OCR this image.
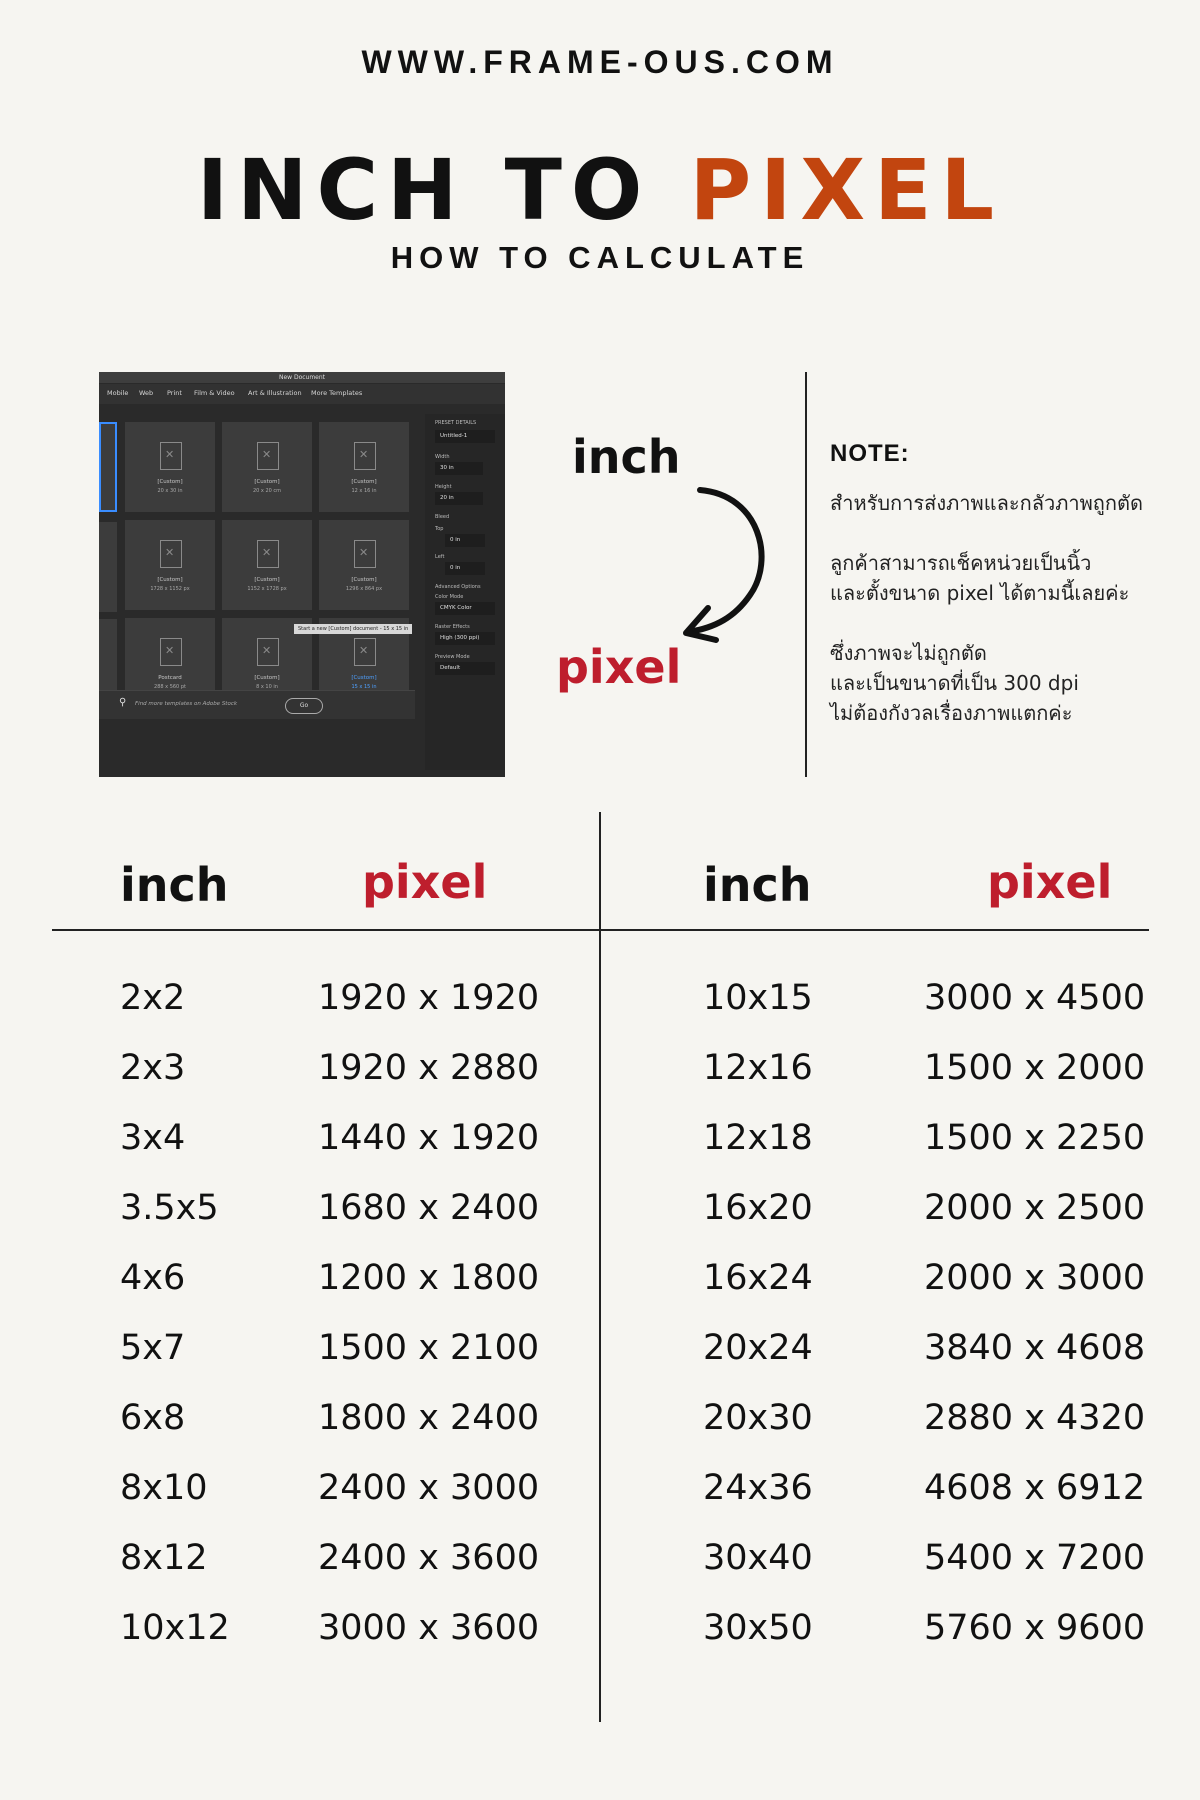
WWW.FRAME-OUS.COM
INCH TO PIXEL
HOW TO CALCULATE
New Document
Mobile Web Print Film & Video Art & Illustration More Templates
✕
[Custom]
20 x 30 in
✕
[Custom]
20 x 20 cm
✕
[Custom]
12 x 16 in
✕
[Custom]
1728 x 1152 px
✕
[Custom]
1152 x 1728 px
✕
[Custom]
1296 x 864 px
✕
Postcard
288 x 560 pt
✕
[Custom]
8 x 10 in
✕
[Custom]
15 x 15 in
Start a new [Custom] document - 15 x 15 in
⚲ Find more templates on Adobe Stock	Go
PRESET DETAILS
Untitled-1
Width
30 in
Height
20 in
Bleed
Top
0 in
Left
0 in
Advanced Options
Color Mode
CMYK Color
Raster Effects
High (300 ppi)
Preview Mode
Default
inch
pixel
NOTE:
สำหรับการส่งภาพและกลัวภาพถูกตัด
ลูกค้าสามารถเช็คหน่วยเป็นนิ้ว
และตั้งขนาด pixel ได้ตามนี้เลยค่ะ
ซึ่งภาพจะไม่ถูกตัด
และเป็นขนาดที่เป็น 300 dpi
ไม่ต้องกังวลเรื่องภาพแตกค่ะ
inch	pixel	inch	pixel
2x2	1920 x 1920
2x3	1920 x 2880
3x4	1440 x 1920
3.5x5	1680 x 2400
4x6	1200 x 1800
5x7	1500 x 2100
6x8	1800 x 2400
8x10	2400 x 3000
8x12	2400 x 3600
10x12	3000 x 3600
10x15	3000 x 4500
12x16	1500 x 2000
12x18	1500 x 2250
16x20	2000 x 2500
16x24	2000 x 3000
20x24	3840 x 4608
20x30	2880 x 4320
24x36	4608 x 6912
30x40	5400 x 7200
30x50	5760 x 9600
